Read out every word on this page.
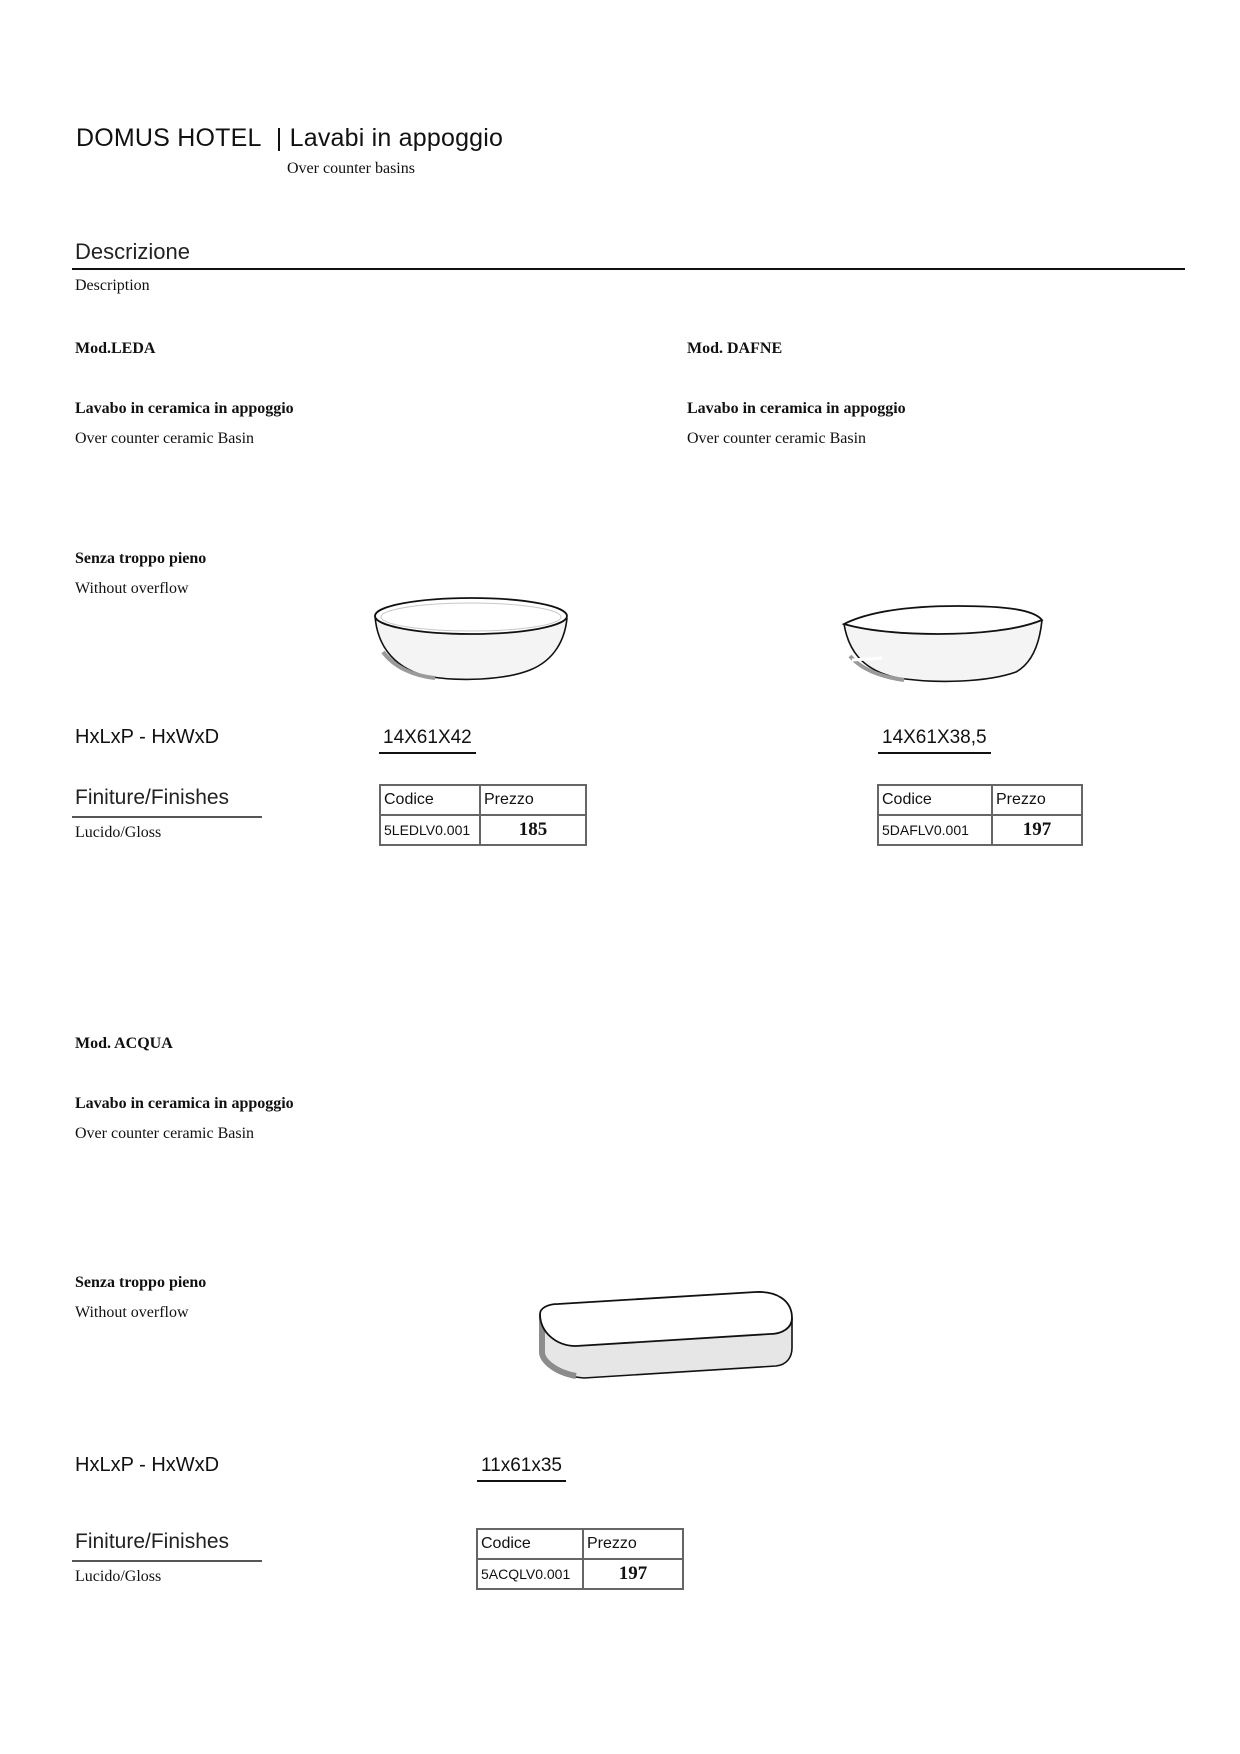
DOMUS HOTEL | Lavabi in appoggio
Over counter basins
Descrizione
Description
Mod.LEDA
Lavabo in ceramica in appoggio
Over counter ceramic Basin
Senza troppo pieno
Without overflow
HxLxP - HxWxD	14X61X42
Finiture/Finishes
Lucido/Gloss
Codice	Prezzo
5LEDLV0.001	185
Mod. DAFNE
Lavabo in ceramica in appoggio
Over counter ceramic Basin
14X61X38,5
Codice	Prezzo
5DAFLV0.001	197
Mod. ACQUA
Lavabo in ceramica in appoggio
Over counter ceramic Basin
Senza troppo pieno
Without overflow
HxLxP - HxWxD	11x61x35
Finiture/Finishes
Lucido/Gloss
Codice	Prezzo
5ACQLV0.001	197
